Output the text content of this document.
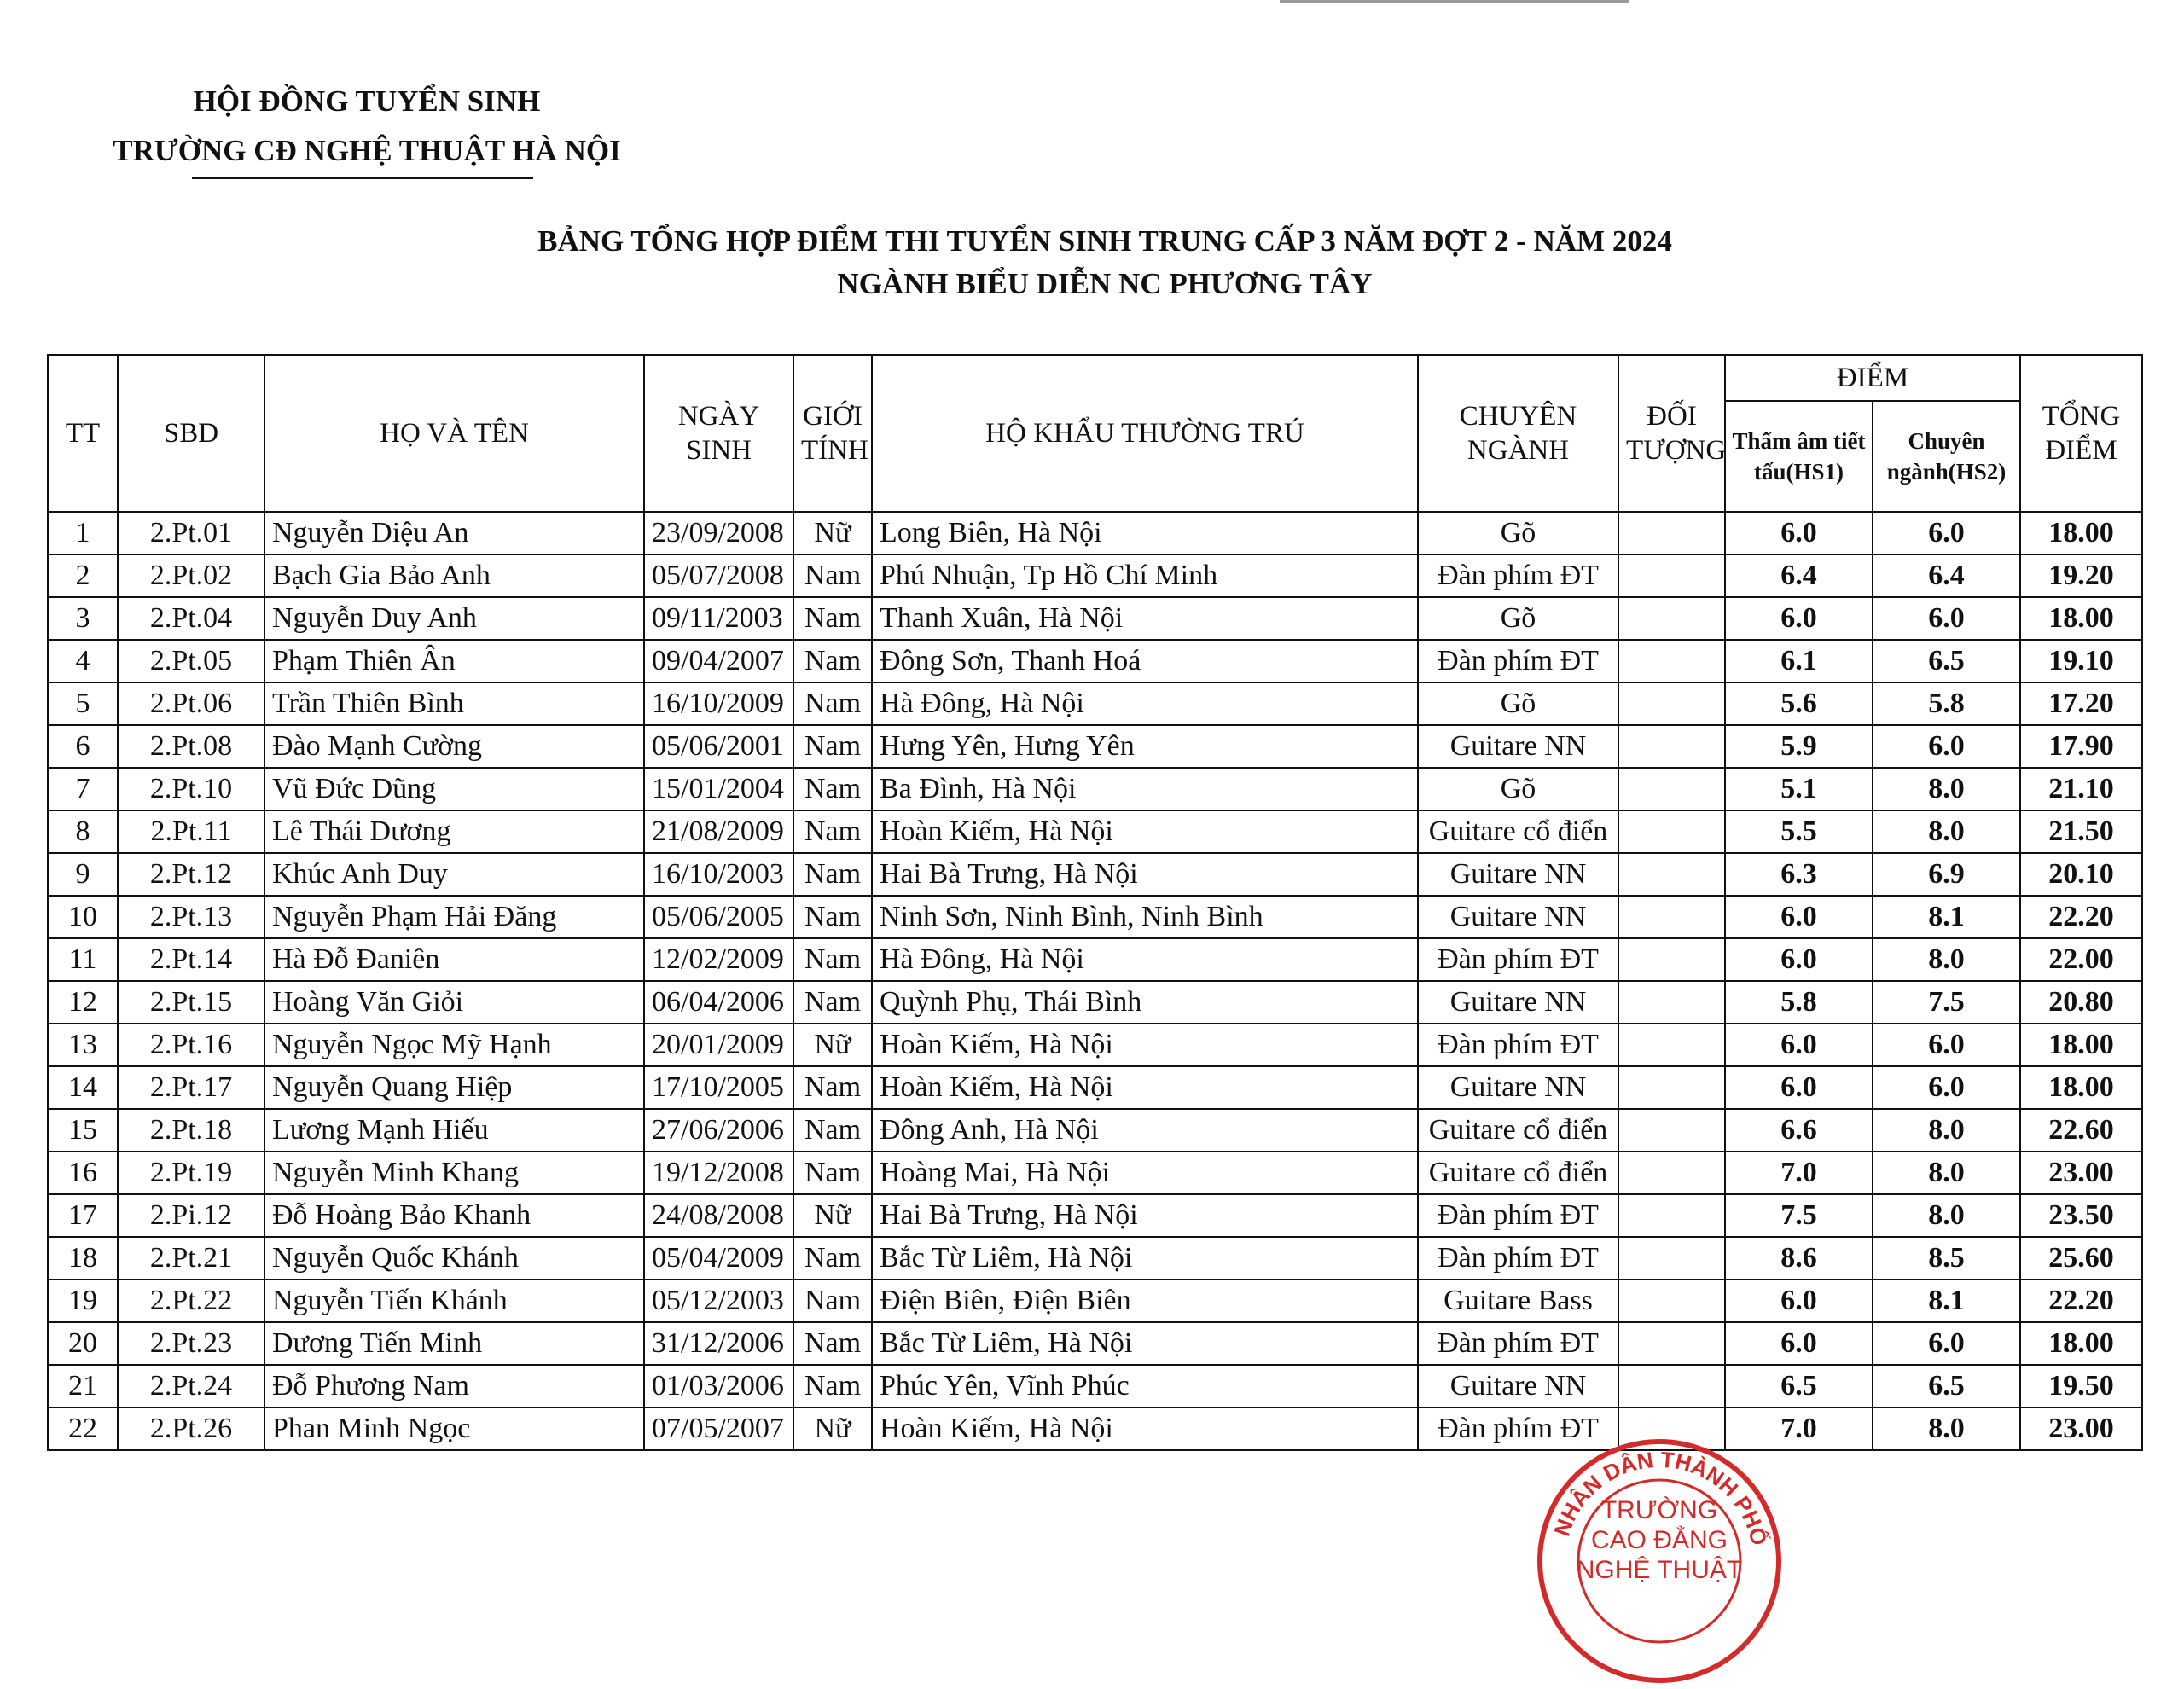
HỘI ĐỒNG TUYỂN SINH
TRƯỜNG CĐ NGHỆ THUẬT HÀ NỘI
BẢNG TỔNG HỢP ĐIỂM THI TUYỂN SINH TRUNG CẤP 3 NĂM ĐỢT 2 - NĂM 2024
NGÀNH BIỂU DIỄN NC PHƯƠNG TÂY
TT	SBD	HỌ VÀ TÊN	NGÀY SINH	GIỚI TÍNH	HỘ KHẨU THƯỜNG TRÚ	CHUYÊN NGÀNH	ĐỐI TƯỢNG	ĐIỂM		TỔNG ĐIỂM
								Thẩm âm tiết tấu(HS1)	Chuyên ngành(HS2)	
1	2.Pt.01	Nguyễn Diệu An	23/09/2008	Nữ	Long Biên, Hà Nội	Gõ		6.0	6.0	18.00
2	2.Pt.02	Bạch Gia Bảo Anh	05/07/2008	Nam	Phú Nhuận, Tp Hồ Chí Minh	Đàn phím ĐT		6.4	6.4	19.20
3	2.Pt.04	Nguyễn Duy Anh	09/11/2003	Nam	Thanh Xuân, Hà Nội	Gõ		6.0	6.0	18.00
4	2.Pt.05	Phạm Thiên Ân	09/04/2007	Nam	Đông Sơn, Thanh Hoá	Đàn phím ĐT		6.1	6.5	19.10
5	2.Pt.06	Trần Thiên Bình	16/10/2009	Nam	Hà Đông, Hà Nội	Gõ		5.6	5.8	17.20
6	2.Pt.08	Đào Mạnh Cường	05/06/2001	Nam	Hưng Yên, Hưng Yên	Guitare NN		5.9	6.0	17.90
7	2.Pt.10	Vũ Đức Dũng	15/01/2004	Nam	Ba Đình, Hà Nội	Gõ		5.1	8.0	21.10
8	2.Pt.11	Lê Thái Dương	21/08/2009	Nam	Hoàn Kiếm, Hà Nội	Guitare cổ điển		5.5	8.0	21.50
9	2.Pt.12	Khúc Anh Duy	16/10/2003	Nam	Hai Bà Trưng, Hà Nội	Guitare NN		6.3	6.9	20.10
10	2.Pt.13	Nguyễn Phạm Hải Đăng	05/06/2005	Nam	Ninh Sơn, Ninh Bình, Ninh Bình	Guitare NN		6.0	8.1	22.20
11	2.Pt.14	Hà Đỗ Đaniên	12/02/2009	Nam	Hà Đông, Hà Nội	Đàn phím ĐT		6.0	8.0	22.00
12	2.Pt.15	Hoàng Văn Giỏi	06/04/2006	Nam	Quỳnh Phụ, Thái Bình	Guitare NN		5.8	7.5	20.80
13	2.Pt.16	Nguyễn Ngọc Mỹ Hạnh	20/01/2009	Nữ	Hoàn Kiếm, Hà Nội	Đàn phím ĐT		6.0	6.0	18.00
14	2.Pt.17	Nguyễn Quang Hiệp	17/10/2005	Nam	Hoàn Kiếm, Hà Nội	Guitare NN		6.0	6.0	18.00
15	2.Pt.18	Lương Mạnh Hiếu	27/06/2006	Nam	Đông Anh, Hà Nội	Guitare cổ điển		6.6	8.0	22.60
16	2.Pt.19	Nguyễn Minh Khang	19/12/2008	Nam	Hoàng Mai, Hà Nội	Guitare cổ điển		7.0	8.0	23.00
17	2.Pi.12	Đỗ Hoàng Bảo Khanh	24/08/2008	Nữ	Hai Bà Trưng, Hà Nội	Đàn phím ĐT		7.5	8.0	23.50
18	2.Pt.21	Nguyễn Quốc Khánh	05/04/2009	Nam	Bắc Từ Liêm, Hà Nội	Đàn phím ĐT		8.6	8.5	25.60
19	2.Pt.22	Nguyễn Tiến Khánh	05/12/2003	Nam	Điện Biên, Điện Biên	Guitare Bass		6.0	8.1	22.20
20	2.Pt.23	Dương Tiến Minh	31/12/2006	Nam	Bắc Từ Liêm, Hà Nội	Đàn phím ĐT		6.0	6.0	18.00
21	2.Pt.24	Đỗ Phương Nam	01/03/2006	Nam	Phúc Yên, Vĩnh Phúc	Guitare NN		6.5	6.5	19.50
22	2.Pt.26	Phan Minh Ngọc	07/05/2007	Nữ	Hoàn Kiếm, Hà Nội	Đàn phím ĐT		7.0	8.0	23.00
NHÂN DÂN THÀNH PHỐ
TRƯỜNG
CAO ĐẲNG
NGHỆ THUẬT
